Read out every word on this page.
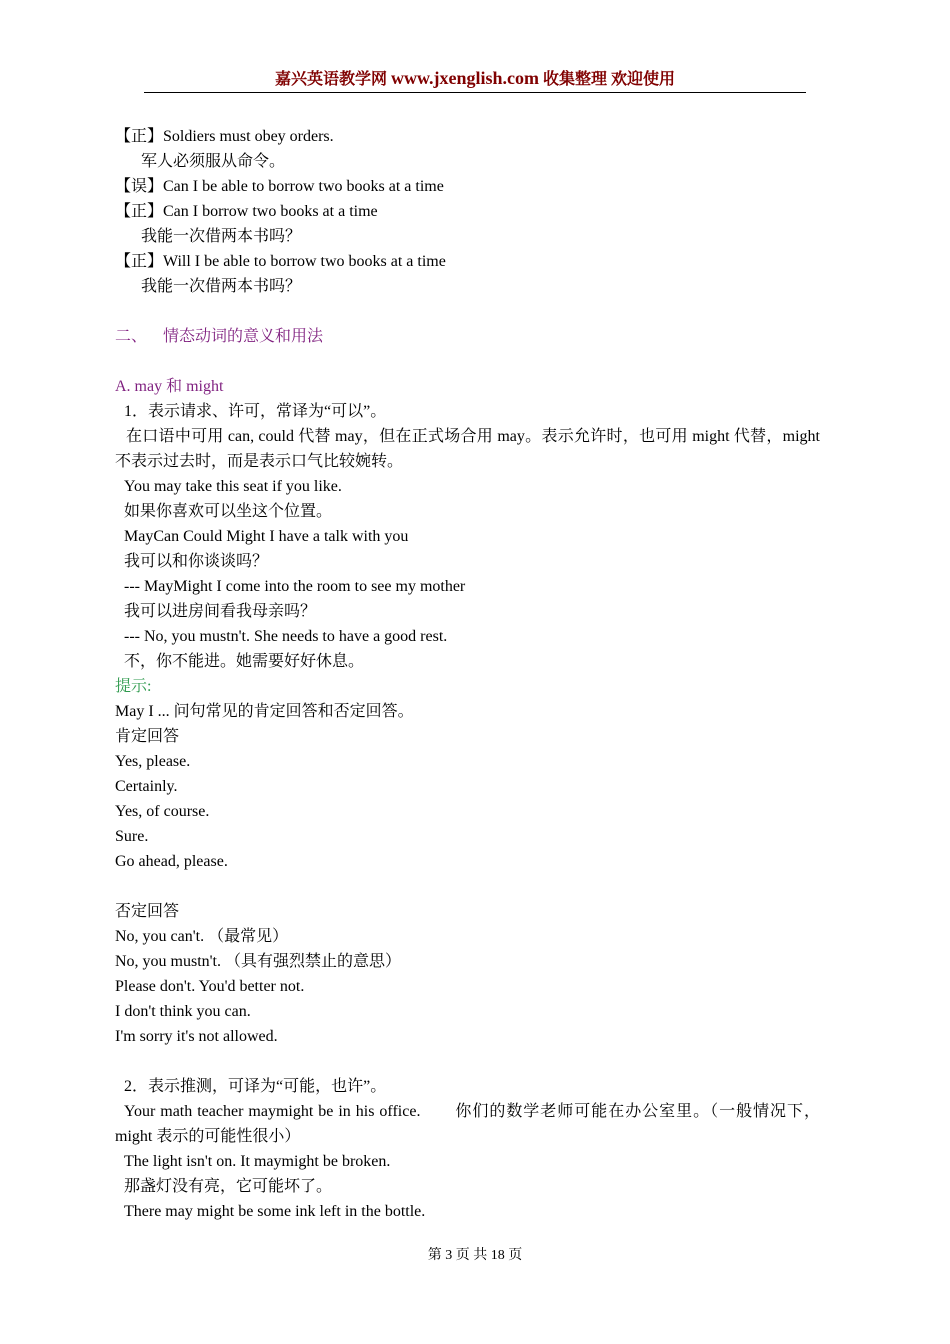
嘉兴英语教学网 www.jxenglish.com 收集整理 欢迎使用
【正】Soldiers must obey orders.
军人必须服从命令。
【误】Can I be able to borrow two books at a time
【正】Can I borrow two books at a time
我能一次借两本书吗？
【正】Will I be able to borrow two books at a time
我能一次借两本书吗？
二、 情态动词的意义和用法
A. may 和 might
1．表示请求、许可，常译为“可以”。
在口语中可用 can, could 代替 may，但在正式场合用 may。表示允许时，也可用 might 代替，might 不表示过去时，而是表示口气比较婉转。
You may take this seat if you like.
如果你喜欢可以坐这个位置。
MayCan Could Might I have a talk with you
我可以和你谈谈吗？
--- MayMight I come into the room to see my mother
我可以进房间看我母亲吗？
--- No, you mustn't. She needs to have a good rest.
不，你不能进。她需要好好休息。
提示:
May I ... 问句常见的肯定回答和否定回答。
肯定回答
Yes, please.
Certainly.
Yes, of course.
Sure.
Go ahead, please.
否定回答
No, you can't. （最常见）
No, you mustn't. （具有强烈禁止的意思）
Please don't. You'd better not.
I don't think you can.
I'm sorry it's not allowed.
2．表示推测，可译为“可能，也许”。
Your math teacher maymight be in his office.　　你们的数学老师可能在办公室里。（一般情况下，might 表示的可能性很小）
The light isn't on. It maymight be broken.
那盏灯没有亮，它可能坏了。
There may might be some ink left in the bottle.
第 3 页 共 18 页
